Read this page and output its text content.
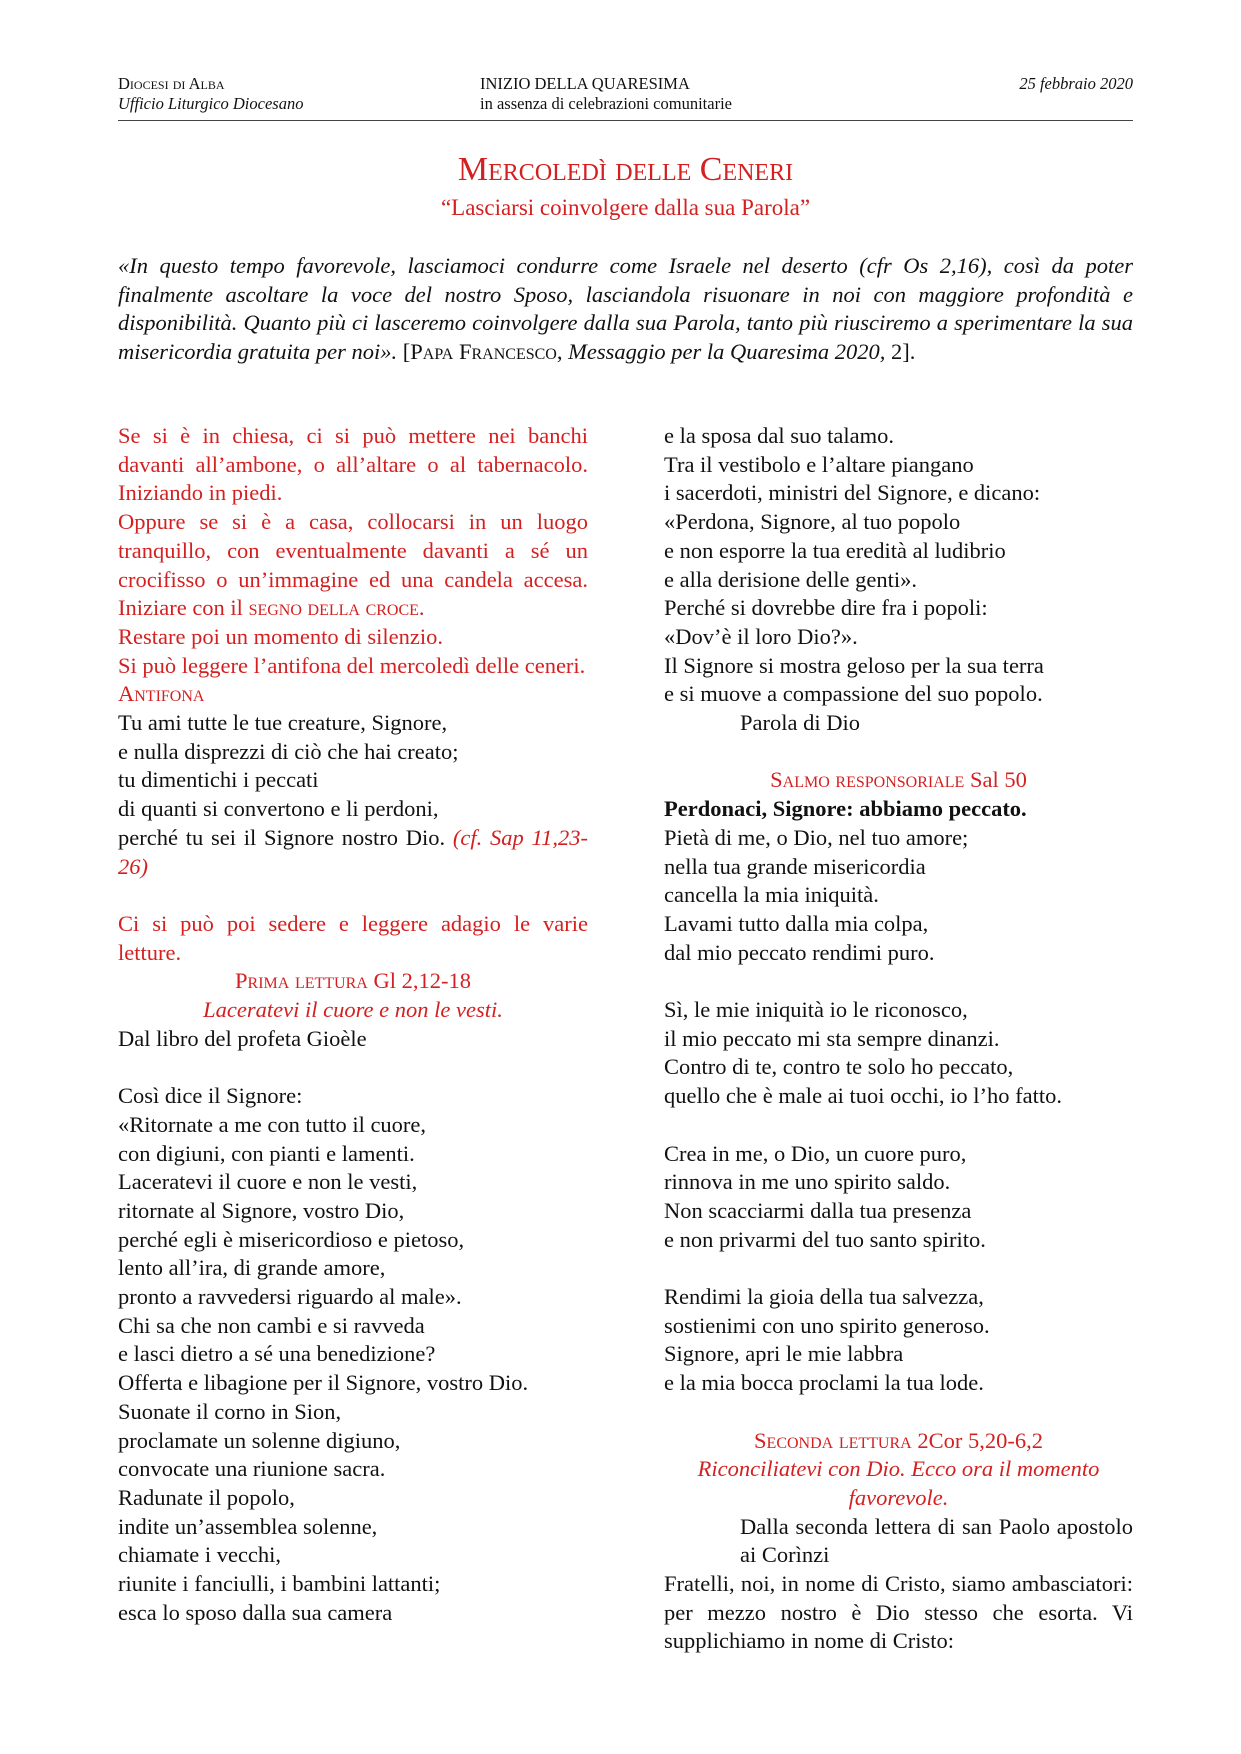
Diocesi di Alba
Ufficio Liturgico Diocesano
INIZIO DELLA QUARESIMA
in assenza di celebrazioni comunitarie
25 febbraio 2020
Mercoledì delle Ceneri
“Lasciarsi coinvolgere dalla sua Parola”
«In questo tempo favorevole, lasciamoci condurre come Israele nel deserto (cfr Os 2,16), così da poter finalmente ascoltare la voce del nostro Sposo, lasciandola risuonare in noi con maggiore profondità e disponibilità. Quanto più ci lasceremo coinvolgere dalla sua Parola, tanto più riusciremo a sperimentare la sua misericordia gratuita per noi». [Papa Francesco, Messaggio per la Quaresima 2020, 2].

Se si è in chiesa, ci si può mettere nei banchi davanti all’ambone, o all’altare o al tabernacolo. Iniziando in piedi.

Oppure se si è a casa, collocarsi in un luogo tranquillo, con eventualmente davanti a sé un crocifisso o un’immagine ed una candela accesa. Iniziare con il segno della croce.

Restare poi un momento di silenzio.

Si può leggere l’antifona del mercoledì delle ceneri.

Antifona

Tu ami tutte le tue creature, Signore,

e nulla disprezzi di ciò che hai creato;

tu dimentichi i peccati

di quanti si convertono e li perdoni,

perché tu sei il Signore nostro Dio. (cf. Sap 11,23-26)

Ci si può poi sedere e leggere adagio le varie letture.

Prima lettura Gl 2,12-18

Laceratevi il cuore e non le vesti.

Dal libro del profeta Gioèle

Così dice il Signore:

«Ritornate a me con tutto il cuore,

con digiuni, con pianti e lamenti.

Laceratevi il cuore e non le vesti,

ritornate al Signore, vostro Dio,

perché egli è misericordioso e pietoso,

lento all’ira, di grande amore,

pronto a ravvedersi riguardo al male».

Chi sa che non cambi e si ravveda

e lasci dietro a sé una benedizione?

Offerta e libagione per il Signore, vostro Dio.

Suonate il corno in Sion,

proclamate un solenne digiuno,

convocate una riunione sacra.

Radunate il popolo,

indite un’assemblea solenne,

chiamate i vecchi,

riunite i fanciulli, i bambini lattanti;

esca lo sposo dalla sua camera

e la sposa dal suo talamo.

Tra il vestibolo e l’altare piangano

i sacerdoti, ministri del Signore, e dicano:

«Perdona, Signore, al tuo popolo

e non esporre la tua eredità al ludibrio

e alla derisione delle genti».

Perché si dovrebbe dire fra i popoli:

«Dov’è il loro Dio?».

Il Signore si mostra geloso per la sua terra

e si muove a compassione del suo popolo.

Parola di Dio

Salmo responsoriale Sal 50

Perdonaci, Signore: abbiamo peccato.

Pietà di me, o Dio, nel tuo amore;

nella tua grande misericordia

cancella la mia iniquità.

Lavami tutto dalla mia colpa,

dal mio peccato rendimi puro.

Sì, le mie iniquità io le riconosco,

il mio peccato mi sta sempre dinanzi.

Contro di te, contro te solo ho peccato,

quello che è male ai tuoi occhi, io l’ho fatto.

Crea in me, o Dio, un cuore puro,

rinnova in me uno spirito saldo.

Non scacciarmi dalla tua presenza

e non privarmi del tuo santo spirito.

Rendimi la gioia della tua salvezza,

sostienimi con uno spirito generoso.

Signore, apri le mie labbra

e la mia bocca proclami la tua lode.

Seconda lettura 2Cor 5,20-6,2

Riconciliatevi con Dio. Ecco ora il momento favorevole.

Dalla seconda lettera di san Paolo apostolo ai Corìnzi

Fratelli, noi, in nome di Cristo, siamo ambasciatori: per mezzo nostro è Dio stesso che esorta. Vi supplichiamo in nome di Cristo:
